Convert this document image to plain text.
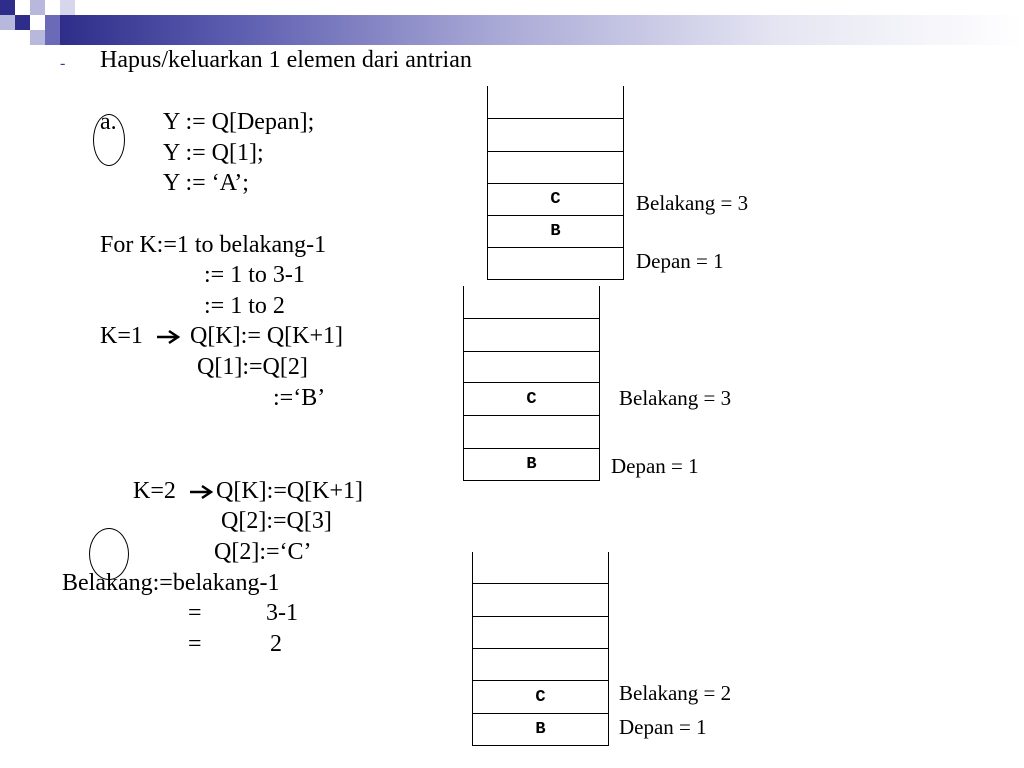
- Hapus/keluarkan 1 elemen dari antrian
a. Y := Q[Depan];
Y := Q[1];
Y := ‘A’;
For K:=1 to belakang-1
:= 1 to 3-1
:= 1 to 2
K=1 Q[K]:= Q[K+1]
Q[1]:=Q[2]
:=‘B’
K=2 Q[K]:=Q[K+1]
Q[2]:=Q[3]
Q[2]:=‘C’
Belakang:=belakang-1
=	3-1
=	2
C
B
Belakang = 3
Depan = 1
C
B
Belakang = 3
Depan = 1
C
B
Belakang = 2
Depan = 1
